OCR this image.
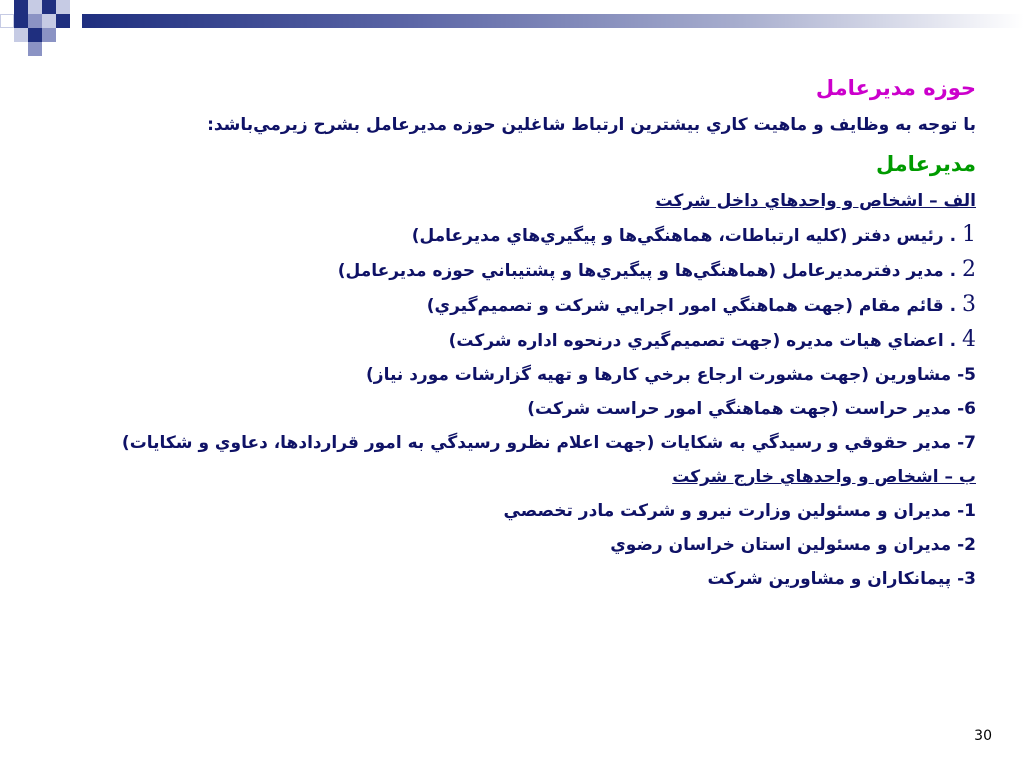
حوزه مديرعامل
با توجه به وظايف و ماهيت كاري بيشترين ارتباط شاغلين حوزه مديرعامل بشرح زيرمي‌باشد:
مديرعامل
الف – اشخاص و واحدهاي داخل شركت
1 . رئيس دفتر (كليه ارتباطات، هماهنگي‌ها و پيگيري‌هاي مديرعامل)
2 . مدير دفترمديرعامل (هماهنگي‌ها و پيگيري‌ها و پشتيباني حوزه مديرعامل)
3 . قائم مقام (جهت هماهنگي امور اجرايي شركت و تصميم‌گيري)
4 . اعضاي هيات مديره (جهت تصميم‌گيري درنحوه اداره شركت)
5- مشاورين (جهت مشورت ارجاع برخي كارها و تهيه گزارشات مورد نياز)
6- مدير حراست (جهت هماهنگي امور حراست شركت)
7- مدير حقوقي و رسيدگي به شكايات (جهت اعلام نظرو رسيدگي به امور قراردادها، دعاوي و شكايات)
ب – اشخاص و واحدهاي خارج شركت
1- مديران و مسئولين وزارت نيرو و شركت مادر تخصصي
2- مديران و مسئولين استان خراسان رضوي
3- پيمانكاران و مشاورين شركت
30
